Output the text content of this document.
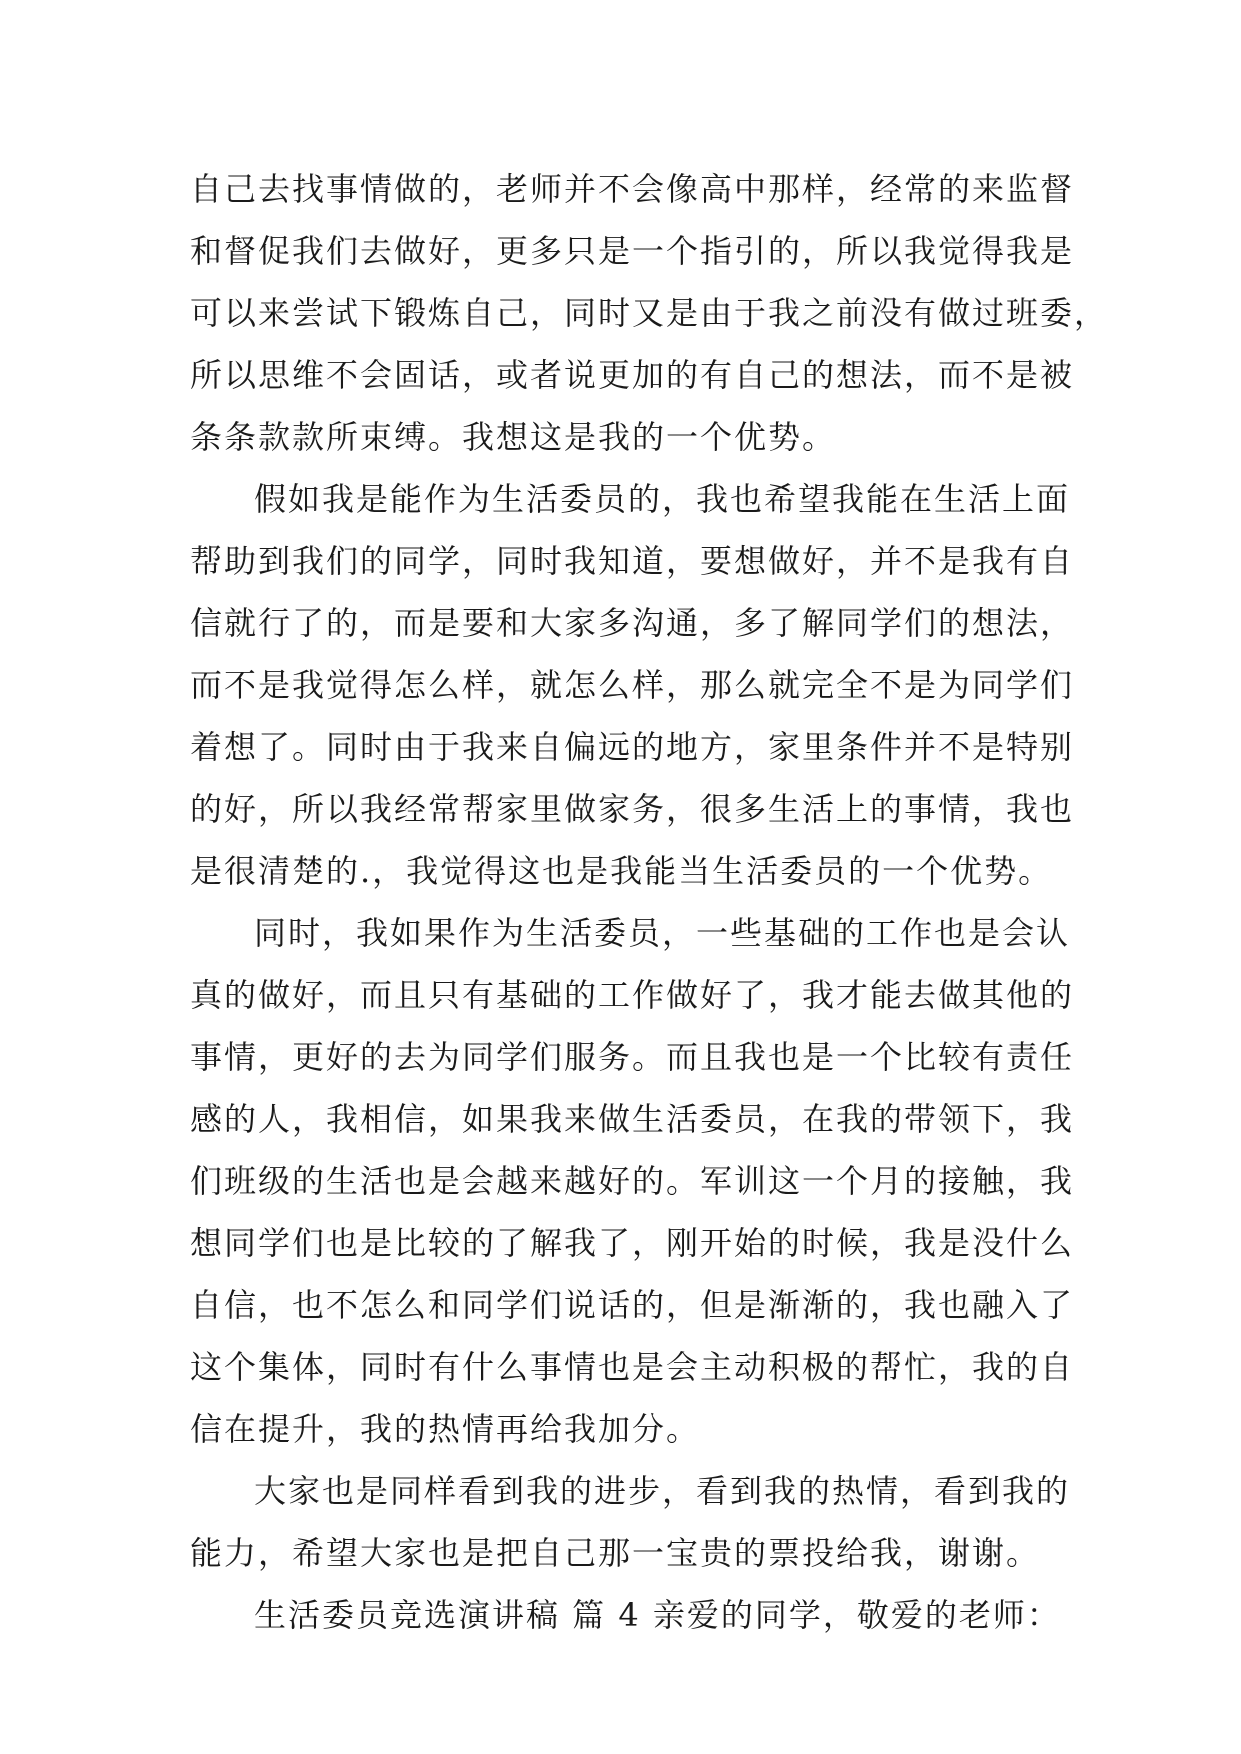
自己去找事情做的，老师并不会像高中那样，经常的来监督
和督促我们去做好，更多只是一个指引的，所以我觉得我是
可以来尝试下锻炼自己，同时又是由于我之前没有做过班委，
所以思维不会固话，或者说更加的有自己的想法，而不是被
条条款款所束缚。我想这是我的一个优势。
假如我是能作为生活委员的，我也希望我能在生活上面
帮助到我们的同学，同时我知道，要想做好，并不是我有自
信就行了的，而是要和大家多沟通，多了解同学们的想法，
而不是我觉得怎么样，就怎么样，那么就完全不是为同学们
着想了。同时由于我来自偏远的地方，家里条件并不是特别
的好，所以我经常帮家里做家务，很多生活上的事情，我也
是很清楚的.，我觉得这也是我能当生活委员的一个优势。
同时，我如果作为生活委员，一些基础的工作也是会认
真的做好，而且只有基础的工作做好了，我才能去做其他的
事情，更好的去为同学们服务。而且我也是一个比较有责任
感的人，我相信，如果我来做生活委员，在我的带领下，我
们班级的生活也是会越来越好的。军训这一个月的接触，我
想同学们也是比较的了解我了，刚开始的时候，我是没什么
自信，也不怎么和同学们说话的，但是渐渐的，我也融入了
这个集体，同时有什么事情也是会主动积极的帮忙，我的自
信在提升，我的热情再给我加分。
大家也是同样看到我的进步，看到我的热情，看到我的
能力，希望大家也是把自己那一宝贵的票投给我，谢谢。
生活委员竞选演讲稿 篇 4 亲爱的同学，敬爱的老师：
